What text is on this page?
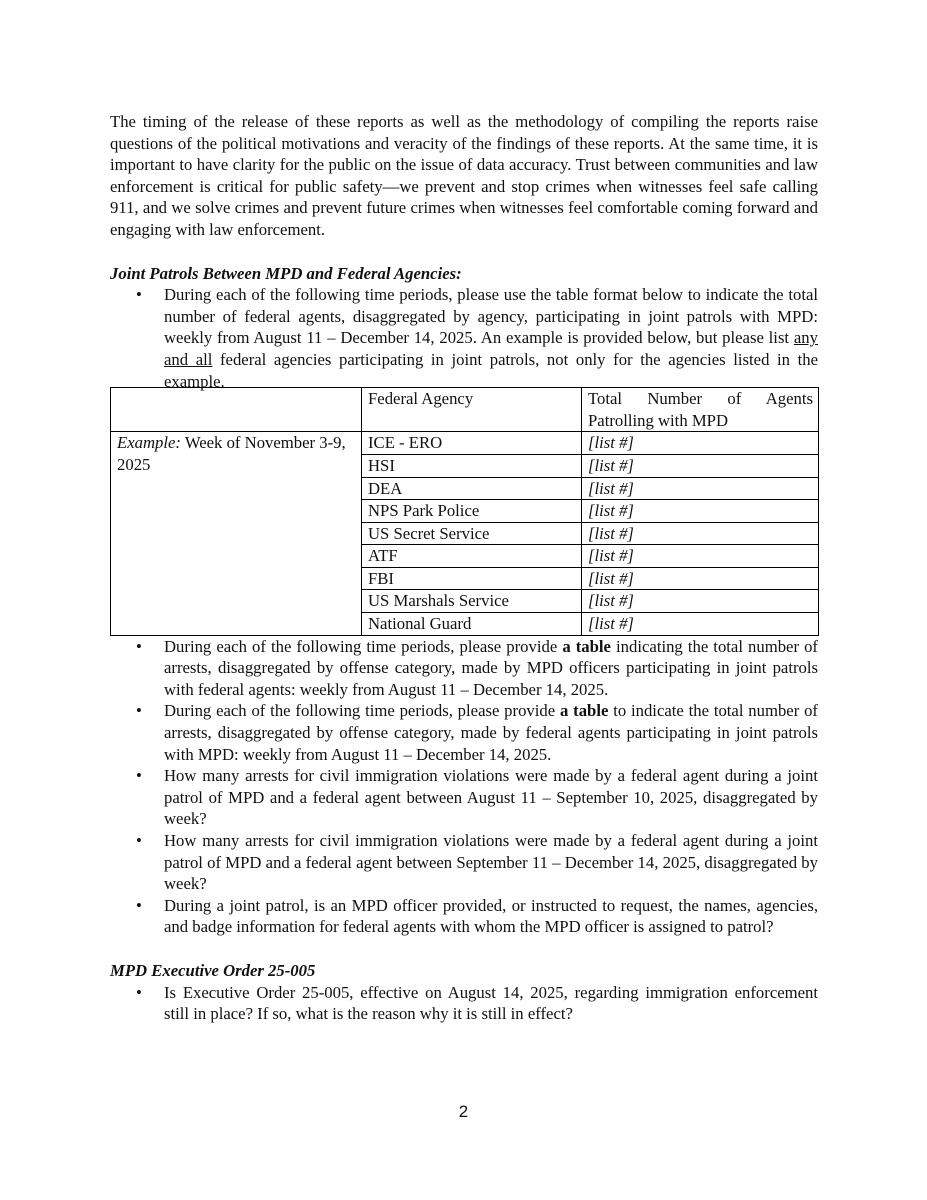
The timing of the release of these reports as well as the methodology of compiling the reports raise questions of the political motivations and veracity of the findings of these reports. At the same time, it is important to have clarity for the public on the issue of data accuracy. Trust between communities and law enforcement is critical for public safety—we prevent and stop crimes when witnesses feel safe calling 911, and we solve crimes and prevent future crimes when witnesses feel comfortable coming forward and engaging with law enforcement.

Joint Patrols Between MPD and Federal Agencies:

• During each of the following time periods, please use the table format below to indicate the total number of federal agents, disaggregated by agency, participating in joint patrols with MPD: weekly from August 11 – December 14, 2025. An example is provided below, but please list any and all federal agencies participating in joint patrols, not only for the agencies listed in the example.
	Federal Agency	Total Number of Agents Patrolling with MPD
Example: Week of November 3-9, 2025	ICE - ERO	[list #]
	HSI	[list #]
	DEA	[list #]
	NPS Park Police	[list #]
	US Secret Service	[list #]
	ATF	[list #]
	FBI	[list #]
	US Marshals Service	[list #]
	National Guard	[list #]
• During each of the following time periods, please provide a table indicating the total number of arrests, disaggregated by offense category, made by MPD officers participating in joint patrols with federal agents: weekly from August 11 – December 14, 2025.
• During each of the following time periods, please provide a table to indicate the total number of arrests, disaggregated by offense category, made by federal agents participating in joint patrols with MPD: weekly from August 11 – December 14, 2025.
• How many arrests for civil immigration violations were made by a federal agent during a joint patrol of MPD and a federal agent between August 11 – September 10, 2025, disaggregated by week?
• How many arrests for civil immigration violations were made by a federal agent during a joint patrol of MPD and a federal agent between September 11 – December 14, 2025, disaggregated by week?
• During a joint patrol, is an MPD officer provided, or instructed to request, the names, agencies, and badge information for federal agents with whom the MPD officer is assigned to patrol?

MPD Executive Order 25-005

• Is Executive Order 25-005, effective on August 14, 2025, regarding immigration enforcement still in place? If so, what is the reason why it is still in effect?
2
